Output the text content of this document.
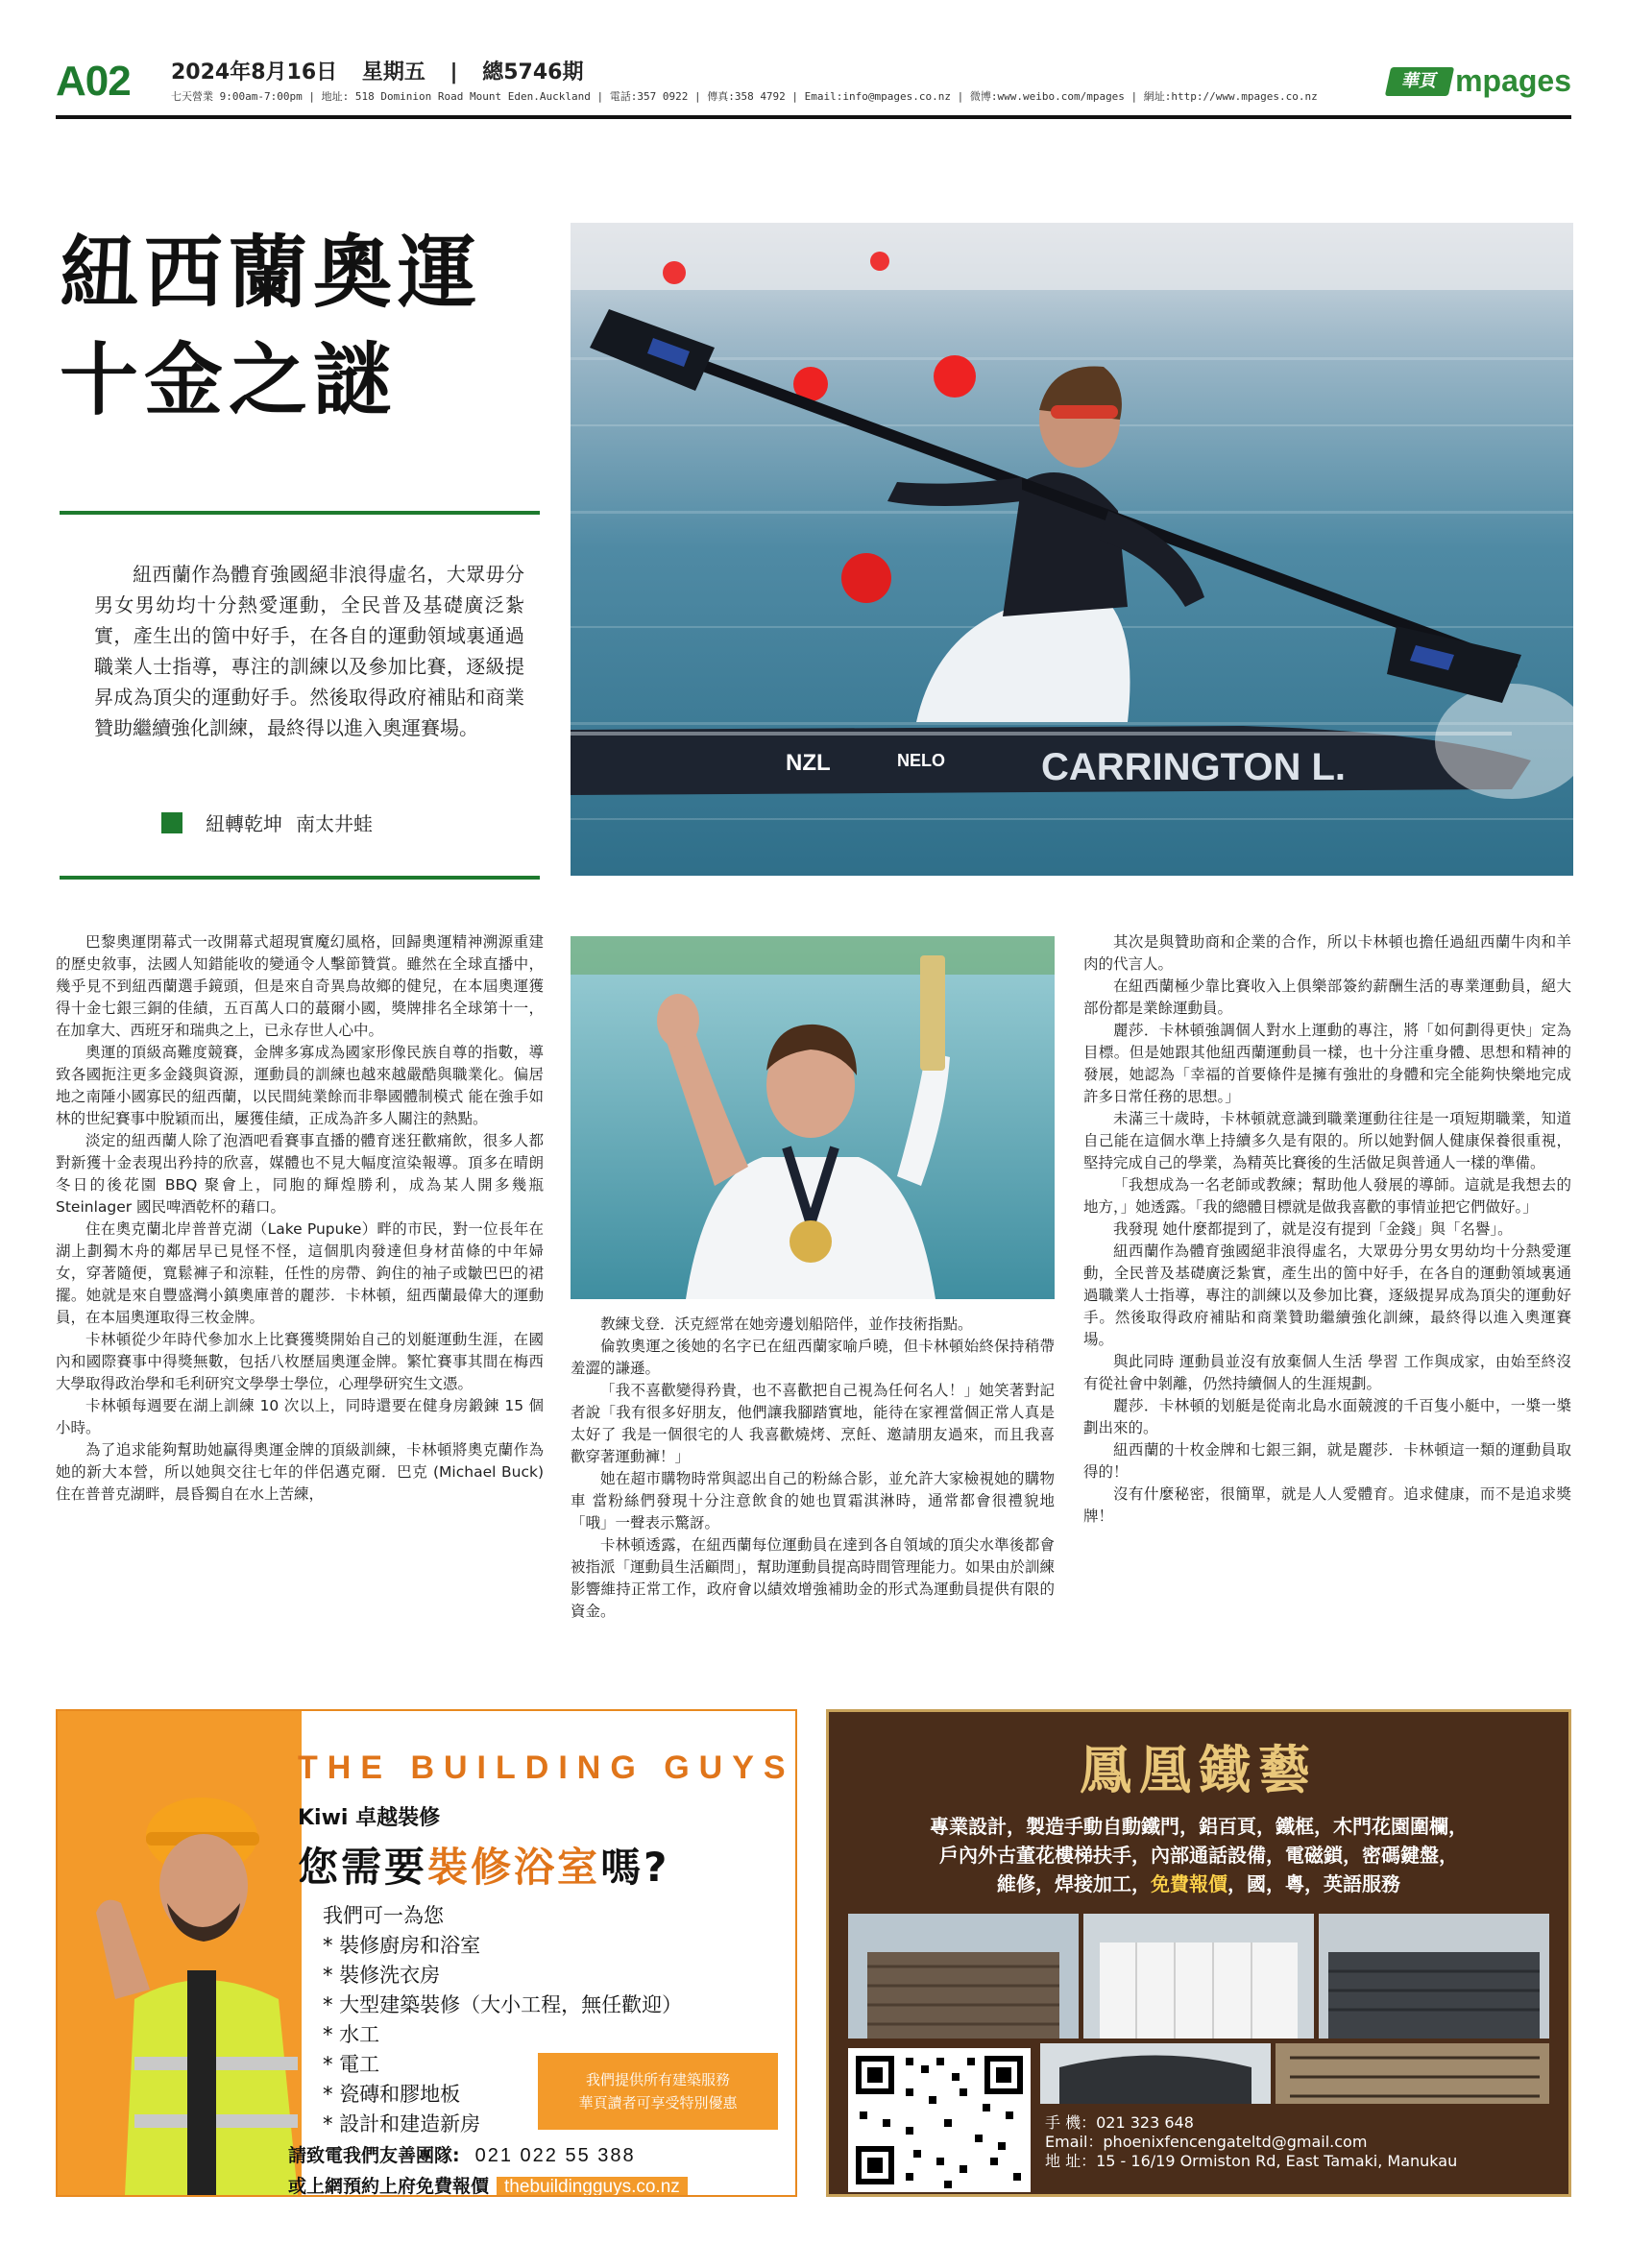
A02 2024年8月16日 星期五 | 總5746期
七天營業 9:00am-7:00pm | 地址: 518 Dominion Road Mount Eden.Auckland | 電話:357 0922 | 傳真:358 4792 | Email:info@mpages.co.nz | 微博:www.weibo.com/mpages | 網址:http://www.mpages.co.nz
華頁 mpages
紐西蘭奧運
十金之謎

紐西蘭作為體育強國絕非浪得虛名，大眾毋分男女男幼均十分熱愛運動，全民普及基礎廣泛紮實，產生出的箇中好手，在各自的運動領域裏通過職業人士指導，專注的訓練以及參加比賽，逐級提昇成為頂尖的運動好手。然後取得政府補貼和商業贊助繼續強化訓練，最終得以進入奧運賽場。

紐轉乾坤 南太井蛙
CARRINGTON L.
NZL	NELO

巴黎奧運閉幕式一改開幕式超現實魔幻風格，回歸奧運精神溯源重建的歷史敘事，法國人知錯能收的變通令人擊節贊賞。雖然在全球直播中，幾乎見不到紐西蘭選手鏡頭，但是來自奇異鳥故鄉的健兒，在本屆奧運獲得十金七銀三銅的佳績，五百萬人口的蕞爾小國，獎牌排名全球第十一，在加拿大、西班牙和瑞典之上，已永存世人心中。

奧運的頂級高難度競賽，金牌多寡成為國家形像民族自尊的指數，導致各國扼注更多金錢與資源，運動員的訓練也越來越嚴酷與職業化。偏居地之南陲小國寡民的紐西蘭，以民間純業餘而非舉國體制模式 能在強手如林的世紀賽事中脫穎而出，屢獲佳績，正成為許多人關注的熱點。

淡定的紐西蘭人除了泡酒吧看賽事直播的體育迷狂歡痛飲，很多人都對新獲十金表現出矜持的欣喜，媒體也不見大幅度渲染報導。頂多在晴朗冬日的後花園 BBQ 聚會上，同胞的輝煌勝利，成為某人開多幾瓶 Steinlager 國民啤酒乾杯的藉口。

住在奧克蘭北岸普普克湖（Lake Pupuke）畔的市民，對一位長年在湖上劃獨木舟的鄰居早已見怪不怪，這個肌肉發達但身材苗條的中年婦女，穿著隨便，寬鬆褲子和涼鞋，任性的房帶、鉤住的袖子或皺巴巴的裙擺。她就是來自豐盛灣小鎮奧庫普的麗莎．卡林頓，紐西蘭最偉大的運動員，在本屆奧運取得三枚金牌。

卡林頓從少年時代參加水上比賽獲獎開始自己的划艇運動生涯，在國內和國際賽事中得獎無數，包括八枚歷屆奧運金牌。繁忙賽事其間在梅西大學取得政治學和毛利研究文學學士學位，心理學研究生文憑。

卡林頓每週要在湖上訓練 10 次以上，同時還要在健身房鍛鍊 15 個小時。

為了追求能夠幫助她贏得奧運金牌的頂級訓練，卡林頓將奧克蘭作為她的新大本營，所以她與交往七年的伴侶邁克爾．巴克 (Michael Buck) 住在普普克湖畔，晨昏獨自在水上苦練，

教練戈登．沃克經常在她旁邊划船陪伴，並作技術指點。

倫敦奧運之後她的名字已在紐西蘭家喻戶曉，但卡林頓始終保持稍帶羞澀的謙遜。

「我不喜歡變得矜貴，也不喜歡把自己視為任何名人！」她笑著對記者說「我有很多好朋友，他們讓我腳踏實地，能待在家裡當個正常人真是太好了 我是一個很宅的人 我喜歡燒烤、烹飪、邀請朋友過來，而且我喜歡穿著運動褲！」

她在超市購物時常與認出自己的粉絲合影，並允許大家檢視她的購物車 當粉絲們發現十分注意飲食的她也買霜淇淋時，通常都會很禮貌地「哦」一聲表示驚訝。

卡林頓透露，在紐西蘭每位運動員在達到各自領域的頂尖水準後都會被指派「運動員生活顧問」，幫助運動員提高時間管理能力。如果由於訓練影響維持正常工作，政府會以績效增強補助金的形式為運動員提供有限的資金。

其次是與贊助商和企業的合作，所以卡林頓也擔任過紐西蘭牛肉和羊肉的代言人。

在紐西蘭極少靠比賽收入上俱樂部簽約薪酬生活的專業運動員，絕大部份都是業餘運動員。

麗莎．卡林頓強調個人對水上運動的專注，將「如何劃得更快」定為目標。但是她跟其他紐西蘭運動員一樣，也十分注重身體、思想和精神的發展，她認為「幸福的首要條件是擁有強壯的身體和完全能夠快樂地完成許多日常任務的思想。」

未滿三十歲時，卡林頓就意識到職業運動往往是一項短期職業，知道自己能在這個水準上持續多久是有限的。所以她對個人健康保養很重視，堅持完成自己的學業，為精英比賽後的生活做足與普通人一樣的準備。

「我想成為一名老師或教練；幫助他人發展的導師。這就是我想去的地方，」她透露。「我的總體目標就是做我喜歡的事情並把它們做好。」

我發現 她什麼都提到了，就是沒有提到「金錢」與「名譽」。

紐西蘭作為體育強國絕非浪得虛名，大眾毋分男女男幼均十分熱愛運動，全民普及基礎廣泛紮實，產生出的箇中好手，在各自的運動領域裏通過職業人士指導，專注的訓練以及參加比賽，逐級提昇成為頂尖的運動好手。然後取得政府補貼和商業贊助繼續強化訓練，最終得以進入奧運賽場。

與此同時 運動員並沒有放棄個人生活 學習 工作與成家，由始至終沒有從社會中剝離，仍然持續個人的生涯規劃。

麗莎．卡林頓的划艇是從南北島水面競渡的千百隻小艇中，一槳一槳劃出來的。

紐西蘭的十枚金牌和七銀三銅，就是麗莎．卡林頓這一類的運動員取得的！

沒有什麼秘密，很簡單，就是人人愛體育。追求健康，而不是追求獎牌！

THE BUILDING GUYS
Kiwi 卓越裝修
您需要裝修浴室嗎?
我們可一為您
* 裝修廚房和浴室
* 裝修洗衣房
* 大型建築裝修（大小工程，無任歡迎）
* 水工
* 電工
* 瓷磚和膠地板
* 設計和建造新房
我們提供所有建築服務
華頁讀者可享受特別優惠
請致電我們友善團隊: 021 022 55 388
或上網預約上府免費報價 thebuildingguys.co.nz
鳳凰鐵藝
專業設計，製造手動自動鐵門，鋁百頁，鐵框，木門花園圍欄，
戶內外古董花樓梯扶手，內部通話設備，電磁鎖，密碼鍵盤，
維修，焊接加工，免費報價，國，粵，英語服務
手 機：021 323 648
Email：phoenixfencengateltd@gmail.com
地 址：15 - 16/19 Ormiston Rd, East Tamaki, Manukau
